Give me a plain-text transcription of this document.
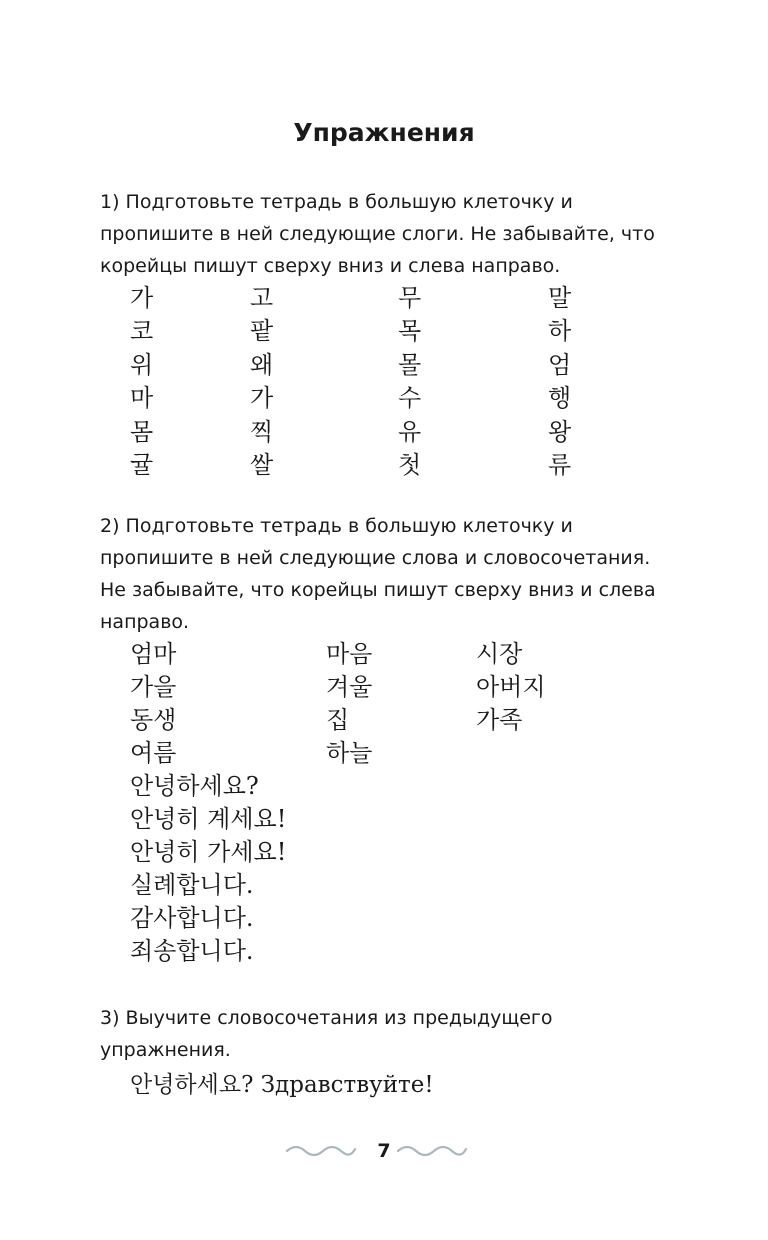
Упражнения
1) Подготовьте тетрадь в большую клеточку и
пропишите в ней следующие слоги. Не забывайте, что
корейцы пишут сверху вниз и слева направо.
가	고	무	말
코	팥	목	하
위	왜	몰	엄
마	가	수	행
몸	찍	유	왕
귤	쌀	첫	류
2) Подготовьте тетрадь в большую клеточку и
пропишите в ней следующие слова и словосочетания.
Не забывайте, что корейцы пишут сверху вниз и слева
направо.
엄마	마음	시장
가을	겨울	아버지
동생	집	가족
여름	하늘
안녕하세요?
안녕히 계세요!
안녕히 가세요!
실례합니다.
감사합니다.
죄송합니다.
3) Выучите словосочетания из предыдущего
упражнения.
안녕하세요? Здравствуйте!
7
